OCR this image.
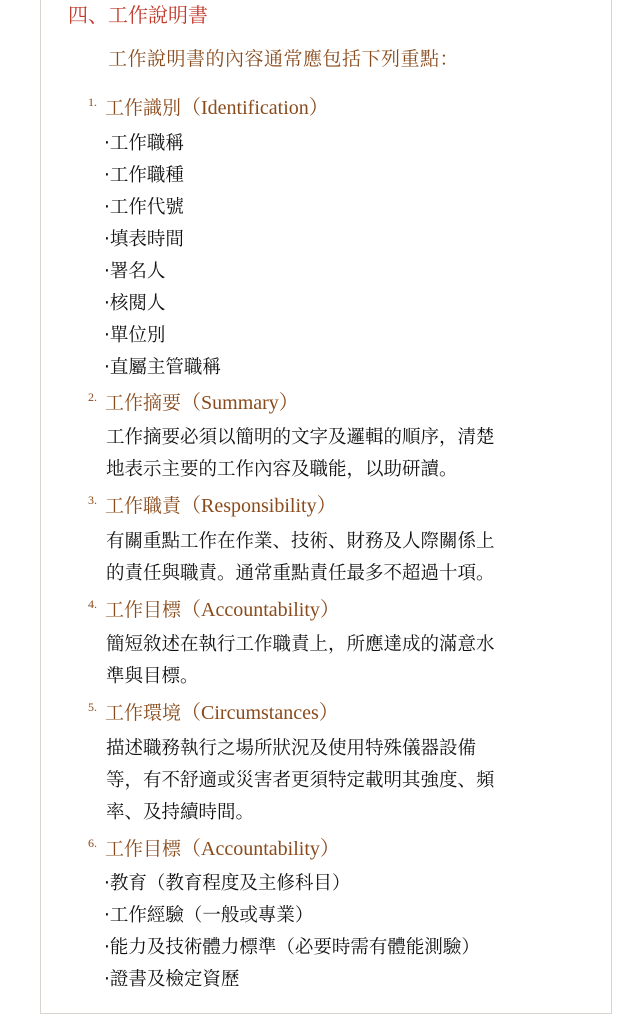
四、工作說明書
工作說明書的內容通常應包括下列重點：
1. 工作識別（Identification）
·工作職稱
·工作職種
·工作代號
·填表時間
·署名人
·核閱人
·單位別
·直屬主管職稱
2. 工作摘要（Summary）
工作摘要必須以簡明的文字及邏輯的順序，清楚
地表示主要的工作內容及職能，以助研讀。
3. 工作職責（Responsibility）
有關重點工作在作業、技術、財務及人際關係上
的責任與職責。通常重點責任最多不超過十項。
4. 工作目標（Accountability）
簡短敘述在執行工作職責上，所應達成的滿意水
準與目標。
5. 工作環境（Circumstances）
描述職務執行之場所狀況及使用特殊儀器設備
等，有不舒適或災害者更須特定載明其強度、頻
率、及持續時間。
6. 工作目標（Accountability）
·教育（教育程度及主修科目）
·工作經驗（一般或專業）
·能力及技術體力標準（必要時需有體能測驗）
·證書及檢定資歷
